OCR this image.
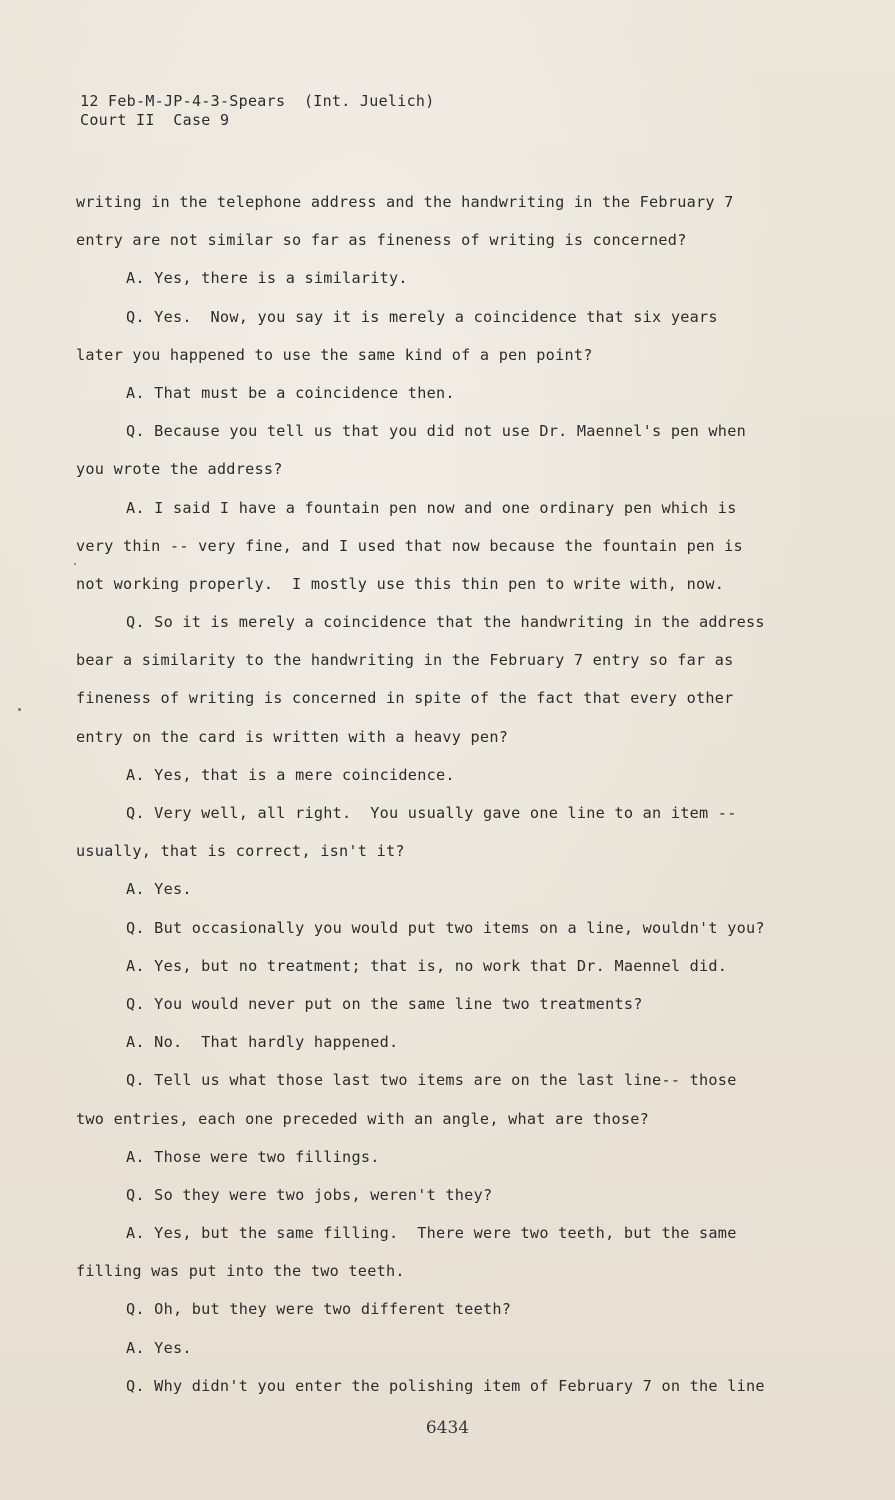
12 Feb-M-JP-4-3-Spears  (Int. Juelich)
Court II  Case 9
writing in the telephone address and the handwriting in the February 7
entry are not similar so far as fineness of writing is concerned?
A. Yes, there is a similarity.
Q. Yes.  Now, you say it is merely a coincidence that six years
later you happened to use the same kind of a pen point?
A. That must be a coincidence then.
Q. Because you tell us that you did not use Dr. Maennel's pen when
you wrote the address?
A. I said I have a fountain pen now and one ordinary pen which is
very thin -- very fine, and I used that now because the fountain pen is
not working properly.  I mostly use this thin pen to write with, now.
Q. So it is merely a coincidence that the handwriting in the address
bear a similarity to the handwriting in the February 7 entry so far as
fineness of writing is concerned in spite of the fact that every other
entry on the card is written with a heavy pen?
A. Yes, that is a mere coincidence.
Q. Very well, all right.  You usually gave one line to an item --
usually, that is correct, isn't it?
A. Yes.
Q. But occasionally you would put two items on a line, wouldn't you?
A. Yes, but no treatment; that is, no work that Dr. Maennel did.
Q. You would never put on the same line two treatments?
A. No.  That hardly happened.
Q. Tell us what those last two items are on the last line-- those
two entries, each one preceded with an angle, what are those?
A. Those were two fillings.
Q. So they were two jobs, weren't they?
A. Yes, but the same filling.  There were two teeth, but the same
filling was put into the two teeth.
Q. Oh, but they were two different teeth?
A. Yes.
Q. Why didn't you enter the polishing item of February 7 on the line
6434
